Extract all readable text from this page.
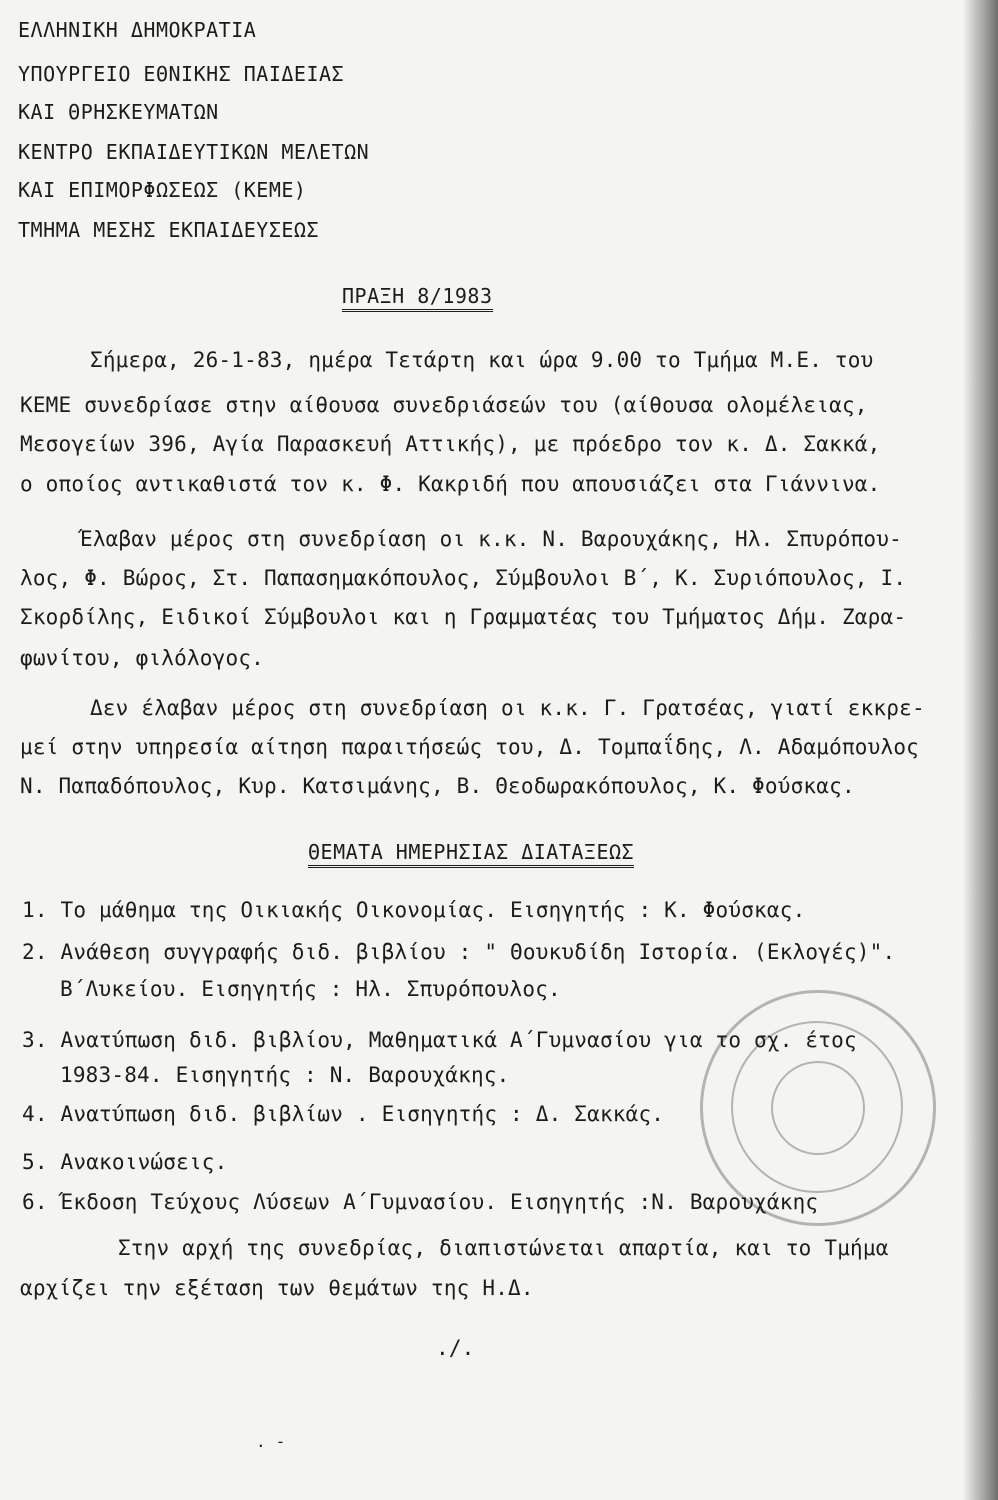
ΕΛΛΗΝΙΚΗ ΔΗΜΟΚΡΑΤΙΑ
ΥΠΟΥΡΓΕΙΟ ΕΘΝΙΚΗΣ ΠΑΙΔΕΙΑΣ
ΚΑΙ ΘΡΗΣΚΕΥΜΑΤΩΝ
ΚΕΝΤΡΟ ΕΚΠΑΙΔΕΥΤΙΚΩΝ ΜΕΛΕΤΩΝ
ΚΑΙ ΕΠΙΜΟΡΦΩΣΕΩΣ (ΚΕΜΕ)
ΤΜΗΜΑ ΜΕΣΗΣ ΕΚΠΑΙΔΕΥΣΕΩΣ
ΠΡΑΞΗ 8/1983
Σήμερα, 26-1-83, ημέρα Τετάρτη και ώρα 9.00 το Τμήμα Μ.Ε. του
ΚΕΜΕ συνεδρίασε στην αίθουσα συνεδριάσεών του (αίθουσα ολομέλειας,
Μεσογείων 396, Αγία Παρασκευή Αττικής), με πρόεδρο τον κ. Δ. Σακκά,
ο οποίος αντικαθιστά τον κ. Φ. Κακριδή που απουσιάζει στα Γιάννινα.
Έλαβαν μέρος στη συνεδρίαση οι κ.κ. Ν. Βαρουχάκης, Ηλ. Σπυρόπου-
λος, Φ. Βώρος, Στ. Παπασημακόπουλος, Σύμβουλοι Β΄, Κ. Συριόπουλος, Ι.
Σκορδίλης, Ειδικοί Σύμβουλοι και η Γραμματέας του Τμήματος Δήμ. Ζαρα-
φωνίτου, φιλόλογος.
Δεν έλαβαν μέρος στη συνεδρίαση οι κ.κ. Γ. Γρατσέας, γιατί εκκρε-
μεί στην υπηρεσία αίτηση παραιτήσεώς του, Δ. Τομπαΐδης, Λ. Αδαμόπουλος
Ν. Παπαδόπουλος, Κυρ. Κατσιμάνης, Β. Θεοδωρακόπουλος, Κ. Φούσκας.
ΘΕΜΑΤΑ ΗΜΕΡΗΣΙΑΣ ΔΙΑΤΑΞΕΩΣ
1. Το μάθημα της Οικιακής Οικονομίας. Εισηγητής : Κ. Φούσκας.
2. Ανάθεση συγγραφής διδ. βιβλίου : " Θουκυδίδη Ιστορία. (Εκλογές)".
Β΄Λυκείου. Εισηγητής : Ηλ. Σπυρόπουλος.
3. Ανατύπωση διδ. βιβλίου, Μαθηματικά Α΄Γυμνασίου για το σχ. έτος
1983-84. Εισηγητής : Ν. Βαρουχάκης.
4. Ανατύπωση διδ. βιβλίων . Εισηγητής : Δ. Σακκάς.
5. Ανακοινώσεις.
6. Έκδοση Τεύχους Λύσεων Α΄Γυμνασίου. Εισηγητής :Ν. Βαρουχάκης
Στην αρχή της συνεδρίας, διαπιστώνεται απαρτία, και το Τμήμα
αρχίζει την εξέταση των θεμάτων της Η.Δ.
./.
. -
